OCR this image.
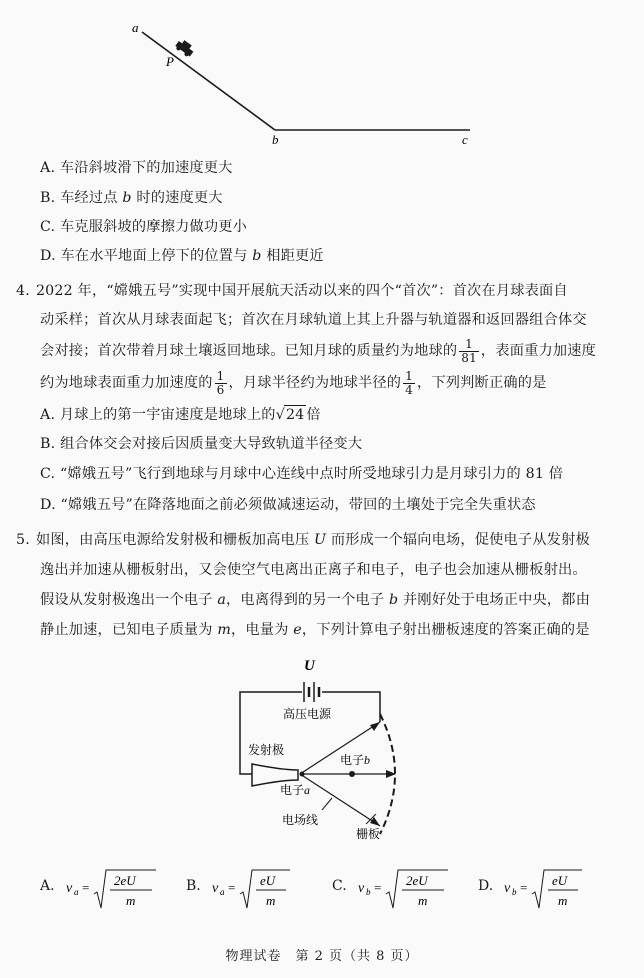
a
P
b	c
A. 车沿斜坡滑下的加速度更大
B. 车经过点 b 时的速度更大
C. 车克服斜坡的摩擦力做功更小
D. 车在水平地面上停下的位置与 b 相距更近
4. 2022 年，“嫦娥五号”实现中国开展航天活动以来的四个“首次”：首次在月球表面自
动采样；首次从月球表面起飞；首次在月球轨道上其上升器与轨道器和返回器组合体交
会对接；首次带着月球土壤返回地球。已知月球的质量约为地球的 $\frac{1}{81}$ ，表面重力加速度
约为地球表面重力加速度的 $\frac{1}{6}$ ，月球半径约为地球半径的 $\frac{1}{4}$ ，下列判断正确的是
A. 月球上的第一宇宙速度是地球上的√24 倍
B. 组合体交会对接后因质量变大导致轨道半径变大
C. “嫦娥五号”飞行到地球与月球中心连线中点时所受地球引力是月球引力的 81 倍
D. “嫦娥五号”在降落地面之前必须做减速运动，带回的土壤处于完全失重状态
5. 如图，由高压电源给发射极和栅板加高电压 U 而形成一个辐向电场，促使电子从发射极
逸出并加速从栅板射出，又会使空气电离出正离子和电子，电子也会加速从栅板射出。
假设从发射极逸出一个电子 a，电离得到的另一个电子 b 并刚好处于电场正中央，都由
静止加速，已知电子质量为 m，电量为 e，下列计算电子射出栅板速度的答案正确的是
U
高压电源
发射极
电子b
电子a
电场线
栅板
A. v a = 2eU
m
B. v a = eU
m
C. v b = 2eU
m
D. v b = eU
m
物理试卷　第 2 页（共 8 页）
